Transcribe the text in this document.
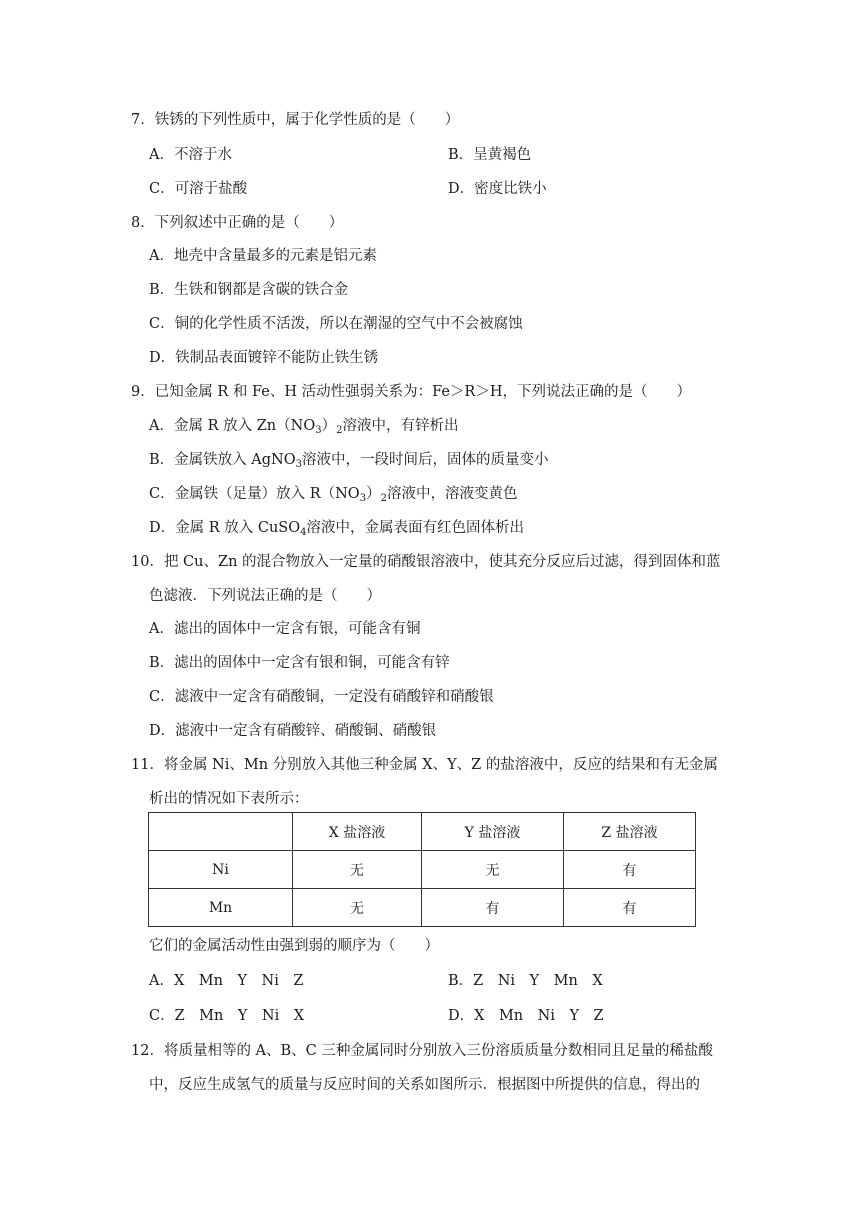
7．铁锈的下列性质中，属于化学性质的是（　　）
A．不溶于水	B．呈黄褐色
C．可溶于盐酸	D．密度比铁小
8．下列叙述中正确的是（　　）
A．地壳中含量最多的元素是铝元素
B．生铁和钢都是含碳的铁合金
C．铜的化学性质不活泼，所以在潮湿的空气中不会被腐蚀
D．铁制品表面镀锌不能防止铁生锈
9．已知金属 R 和 Fe、H 活动性强弱关系为：Fe＞R＞H，下列说法正确的是（　　）
A．金属 R 放入 $Zn(NO_3)_2$溶液中，有锌析出
B．金属铁放入 AgNO$_3$溶液中，一段时间后，固体的质量变小
C．金属铁（足量）放入 $R(NO_3)_2$溶液中，溶液变黄色
D．金属 R 放入 CuSO$_4$溶液中，金属表面有红色固体析出
10．把 Cu、Zn 的混合物放入一定量的硝酸银溶液中，使其充分反应后过滤，得到固体和蓝
色滤液．下列说法正确的是（　　）
A．滤出的固体中一定含有银，可能含有铜
B．滤出的固体中一定含有银和铜，可能含有锌
C．滤液中一定含有硝酸铜，一定没有硝酸锌和硝酸银
D．滤液中一定含有硝酸锌、硝酸铜、硝酸银
11．将金属 Ni、Mn 分别放入其他三种金属 X、Y、Z 的盐溶液中，反应的结果和有无金属
析出的情况如下表所示：
	X 盐溶液	Y 盐溶液	Z 盐溶液
Ni	无	无	有
Mn	无	有	有
它们的金属活动性由强到弱的顺序为（　　）
A．X　Mn　Y　Ni　Z	B．Z　Ni　Y　Mn　X
C．Z　Mn　Y　Ni　X	D．X　Mn　Ni　Y　Z
12．将质量相等的 A、B、C 三种金属同时分别放入三份溶质质量分数相同且足量的稀盐酸
中，反应生成氢气的质量与反应时间的关系如图所示．根据图中所提供的信息，得出的
